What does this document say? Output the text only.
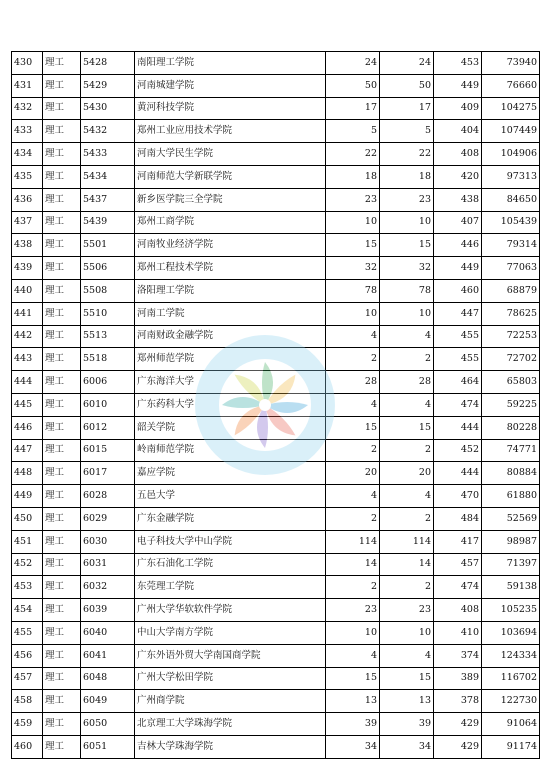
430	理工	5428	南阳理工学院	24	24	453	73940
431	理工	5429	河南城建学院	50	50	449	76660
432	理工	5430	黄河科技学院	17	17	409	104275
433	理工	5432	郑州工业应用技术学院	5	5	404	107449
434	理工	5433	河南大学民生学院	22	22	408	104906
435	理工	5434	河南师范大学新联学院	18	18	420	97313
436	理工	5437	新乡医学院三全学院	23	23	438	84650
437	理工	5439	郑州工商学院	10	10	407	105439
438	理工	5501	河南牧业经济学院	15	15	446	79314
439	理工	5506	郑州工程技术学院	32	32	449	77063
440	理工	5508	洛阳理工学院	78	78	460	68879
441	理工	5510	河南工学院	10	10	447	78625
442	理工	5513	河南财政金融学院	4	4	455	72253
443	理工	5518	郑州师范学院	2	2	455	72702
444	理工	6006	广东海洋大学	28	28	464	65803
445	理工	6010	广东药科大学	4	4	474	59225
446	理工	6012	韶关学院	15	15	444	80228
447	理工	6015	岭南师范学院	2	2	452	74771
448	理工	6017	嘉应学院	20	20	444	80884
449	理工	6028	五邑大学	4	4	470	61880
450	理工	6029	广东金融学院	2	2	484	52569
451	理工	6030	电子科技大学中山学院	114	114	417	98987
452	理工	6031	广东石油化工学院	14	14	457	71397
453	理工	6032	东莞理工学院	2	2	474	59138
454	理工	6039	广州大学华软软件学院	23	23	408	105235
455	理工	6040	中山大学南方学院	10	10	410	103694
456	理工	6041	广东外语外贸大学南国商学院	4	4	374	124334
457	理工	6048	广州大学松田学院	15	15	389	116702
458	理工	6049	广州商学院	13	13	378	122730
459	理工	6050	北京理工大学珠海学院	39	39	429	91064
460	理工	6051	吉林大学珠海学院	34	34	429	91174
